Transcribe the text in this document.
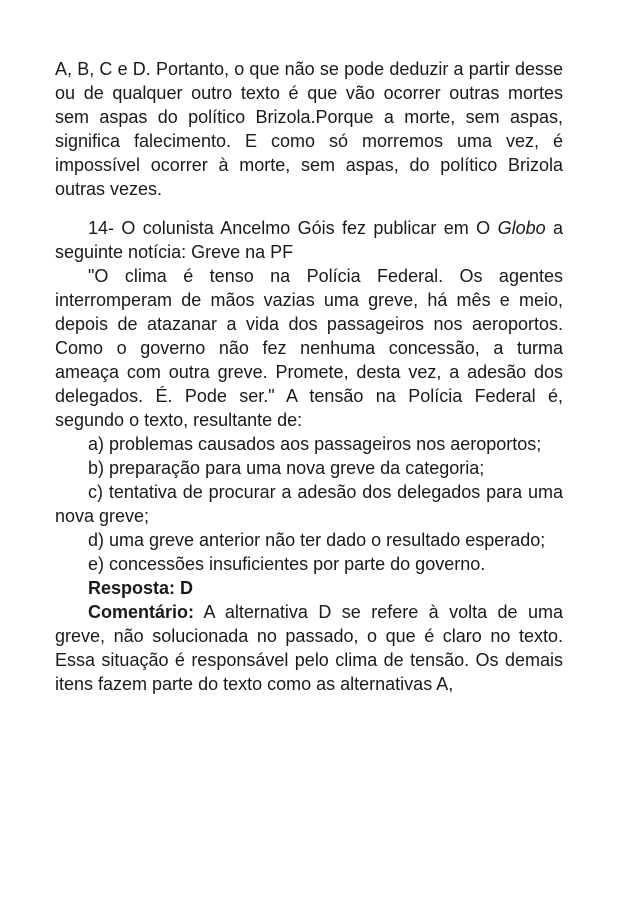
A, B, C e D. Portanto, o que não se pode deduzir a partir desse ou de qualquer outro texto é que vão ocorrer outras mortes sem aspas do político Brizola.Porque a morte, sem aspas, significa falecimento. E como só morremos uma vez, é impossível ocorrer à morte, sem aspas, do político Brizola outras vezes.

14- O colunista Ancelmo Góis fez publicar em O Globo a seguinte notícia: Greve na PF

"O clima é tenso na Polícia Federal. Os agentes interromperam de mãos vazias uma greve, há mês e meio, depois de atazanar a vida dos passageiros nos aeroportos. Como o governo não fez nenhuma concessão, a turma ameaça com outra greve. Promete, desta vez, a adesão dos delegados. É. Pode ser." A tensão na Polícia Federal é, segundo o texto, resultante de:

a) problemas causados aos passageiros nos aeroportos;

b) preparação para uma nova greve da categoria;

c) tentativa de procurar a adesão dos delegados para uma nova greve;

d) uma greve anterior não ter dado o resultado esperado;

e) concessões insuficientes por parte do governo.

Resposta: D

Comentário: A alternativa D se refere à volta de uma greve, não solucionada no passado, o que é claro no texto. Essa situação é responsável pelo clima de tensão. Os demais itens fazem parte do texto como as alternativas A,
